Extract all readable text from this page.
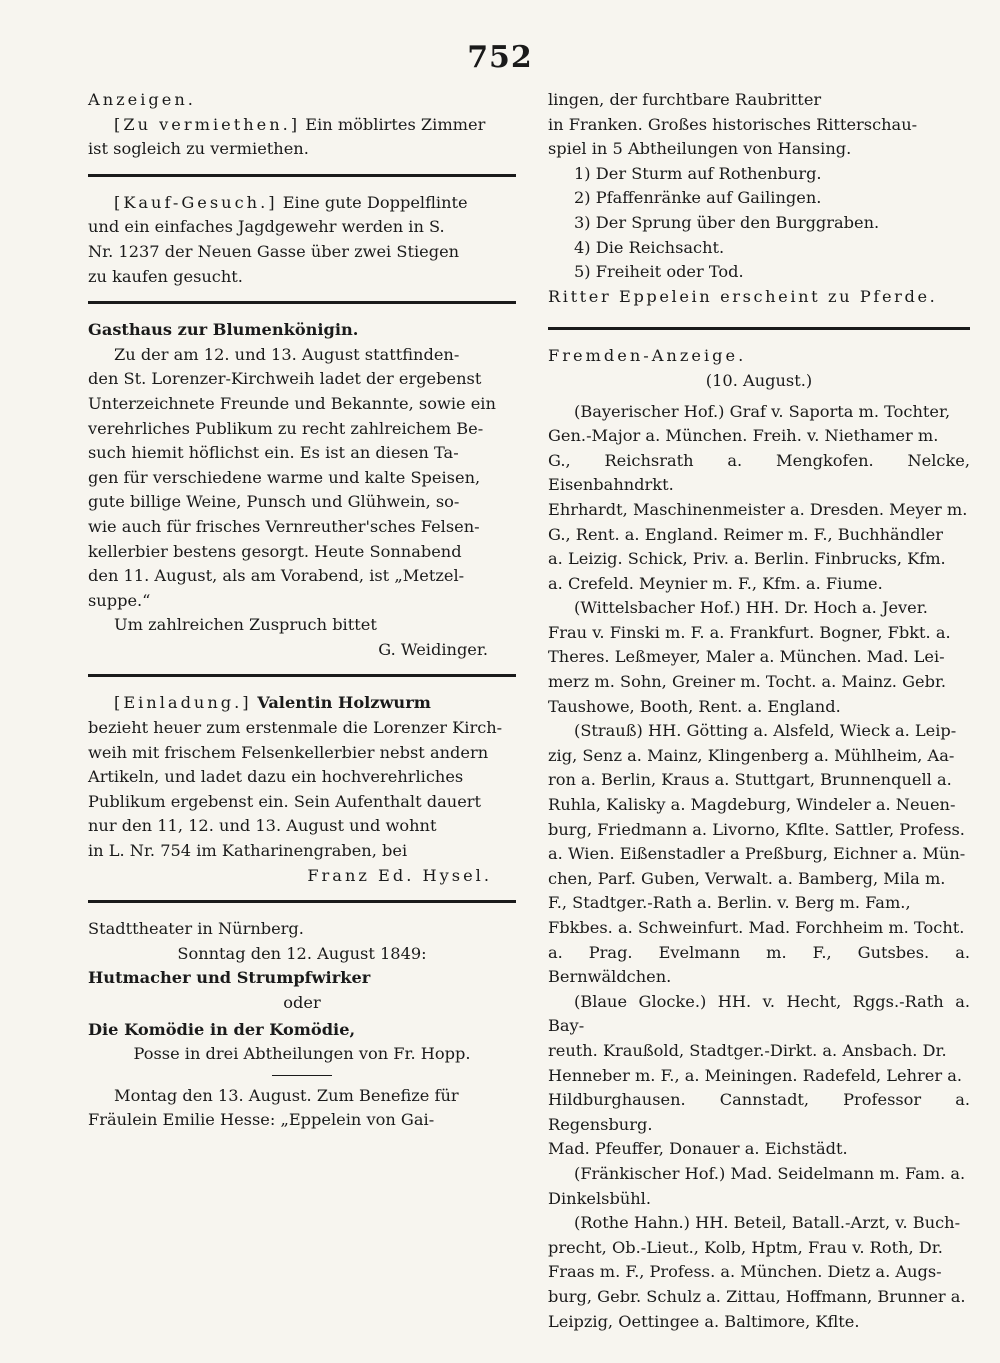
752

Anzeigen.

[Zu vermiethen.] Ein möblirtes Zimmer

ist sogleich zu vermiethen.

[Kauf-Gesuch.] Eine gute Doppelflinte

und ein einfaches Jagdgewehr werden in S.

Nr. 1237 der Neuen Gasse über zwei Stiegen

zu kaufen gesucht.

Gasthaus zur Blumenkönigin.

Zu der am 12. und 13. August stattfinden-

den St. Lorenzer-Kirchweih ladet der ergebenst

Unterzeichnete Freunde und Bekannte, sowie ein

verehrliches Publikum zu recht zahlreichem Be-

such hiemit höflichst ein. Es ist an diesen Ta-

gen für verschiedene warme und kalte Speisen,

gute billige Weine, Punsch und Glühwein, so-

wie auch für frisches Vernreuther'sches Felsen-

kellerbier bestens gesorgt. Heute Sonnabend

den 11. August, als am Vorabend, ist „Metzel-

suppe.“

Um zahlreichen Zuspruch bittet

G. Weidinger.

[Einladung.] Valentin Holzwurm

bezieht heuer zum erstenmale die Lorenzer Kirch-

weih mit frischem Felsenkellerbier nebst andern

Artikeln, und ladet dazu ein hochverehrliches

Publikum ergebenst ein. Sein Aufenthalt dauert

nur den 11, 12. und 13. August und wohnt

in L. Nr. 754 im Katharinengraben, bei

Franz Ed. Hysel.

Stadttheater in Nürnberg.

Sonntag den 12. August 1849:

Hutmacher und Strumpfwirker

oder

Die Komödie in der Komödie,

Posse in drei Abtheilungen von Fr. Hopp.

Montag den 13. August. Zum Benefize für

Fräulein Emilie Hesse: „Eppelein von Gai-

lingen, der furchtbare Raubritter

in Franken. Großes historisches Ritterschau-

spiel in 5 Abtheilungen von Hansing.

1) Der Sturm auf Rothenburg.

2) Pfaffenränke auf Gailingen.

3) Der Sprung über den Burggraben.

4) Die Reichsacht.

5) Freiheit oder Tod.

Ritter Eppelein erscheint zu Pferde.

Fremden-Anzeige.

(10. August.)

(Bayerischer Hof.) Graf v. Saporta m. Tochter,

Gen.-Major a. München. Freih. v. Niethamer m.

G., Reichsrath a. Mengkofen. Nelcke, Eisenbahndrkt.

Ehrhardt, Maschinenmeister a. Dresden. Meyer m.

G., Rent. a. England. Reimer m. F., Buchhändler

a. Leizig. Schick, Priv. a. Berlin. Finbrucks, Kfm.

a. Crefeld. Meynier m. F., Kfm. a. Fiume.

(Wittelsbacher Hof.) HH. Dr. Hoch a. Jever.

Frau v. Finski m. F. a. Frankfurt. Bogner, Fbkt. a.

Theres. Leßmeyer, Maler a. München. Mad. Lei-

merz m. Sohn, Greiner m. Tocht. a. Mainz. Gebr.

Taushowe, Booth, Rent. a. England.

(Strauß) HH. Götting a. Alsfeld, Wieck a. Leip-

zig, Senz a. Mainz, Klingenberg a. Mühlheim, Aa-

ron a. Berlin, Kraus a. Stuttgart, Brunnenquell a.

Ruhla, Kalisky a. Magdeburg, Windeler a. Neuen-

burg, Friedmann a. Livorno, Kflte. Sattler, Profess.

a. Wien. Eißenstadler a Preßburg, Eichner a. Mün-

chen, Parf. Guben, Verwalt. a. Bamberg, Mila m.

F., Stadtger.-Rath a. Berlin. v. Berg m. Fam.,

Fbkbes. a. Schweinfurt. Mad. Forchheim m. Tocht.

a. Prag. Evelmann m. F., Gutsbes. a. Bernwäldchen.

(Blaue Glocke.) HH. v. Hecht, Rggs.-Rath a. Bay-

reuth. Kraußold, Stadtger.-Dirkt. a. Ansbach. Dr.

Henneber m. F., a. Meiningen. Radefeld, Lehrer a.

Hildburghausen. Cannstadt, Professor a. Regensburg.

Mad. Pfeuffer, Donauer a. Eichstädt.

(Fränkischer Hof.) Mad. Seidelmann m. Fam. a.

Dinkelsbühl.

(Rothe Hahn.) HH. Beteil, Batall.-Arzt, v. Buch-

precht, Ob.-Lieut., Kolb, Hptm, Frau v. Roth, Dr.

Fraas m. F., Profess. a. München. Dietz a. Augs-

burg, Gebr. Schulz a. Zittau, Hoffmann, Brunner a.

Leipzig, Oettingee a. Baltimore, Kflte.
